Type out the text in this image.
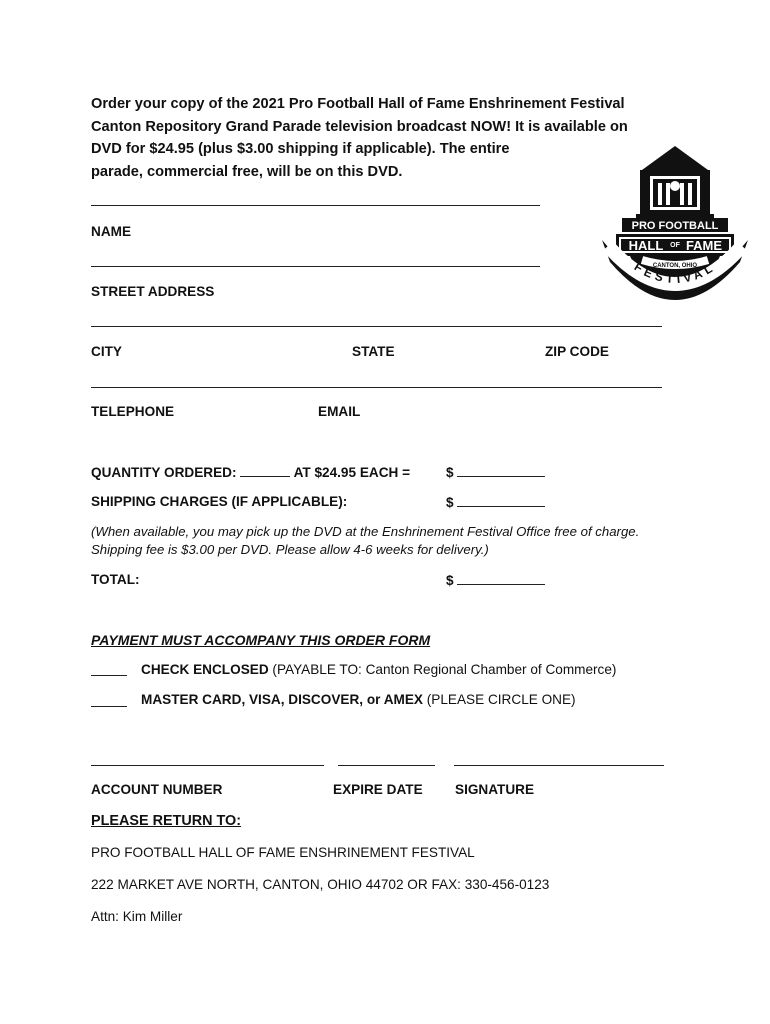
Order your copy of the 2021 Pro Football Hall of Fame Enshrinement Festival
Canton Repository Grand Parade television broadcast NOW! It is available on
DVD for $24.95 (plus $3.00 shipping if applicable). The entire
parade, commercial free, will be on this DVD.
PRO FOOTBALL
HALL OF FAME
CANTON, OHIO
FESTIVAL
NAME
STREET ADDRESS
CITY	STATE	ZIP CODE
TELEPHONE	EMAIL
QUANTITY ORDERED:	AT $24.95 EACH =	$
SHIPPING CHARGES (IF APPLICABLE):	$
(When available, you may pick up the DVD at the Enshrinement Festival Office free of charge.
Shipping fee is $3.00 per DVD. Please allow 4-6 weeks for delivery.)
TOTAL:	$
PAYMENT MUST ACCOMPANY THIS ORDER FORM
CHECK ENCLOSED (PAYABLE TO: Canton Regional Chamber of Commerce)
MASTER CARD, VISA, DISCOVER, or AMEX (PLEASE CIRCLE ONE)
ACCOUNT NUMBER	EXPIRE DATE SIGNATURE
PLEASE RETURN TO:
PRO FOOTBALL HALL OF FAME ENSHRINEMENT FESTIVAL
222 MARKET AVE NORTH, CANTON, OHIO 44702 OR FAX: 330-456-0123
Attn: Kim Miller
